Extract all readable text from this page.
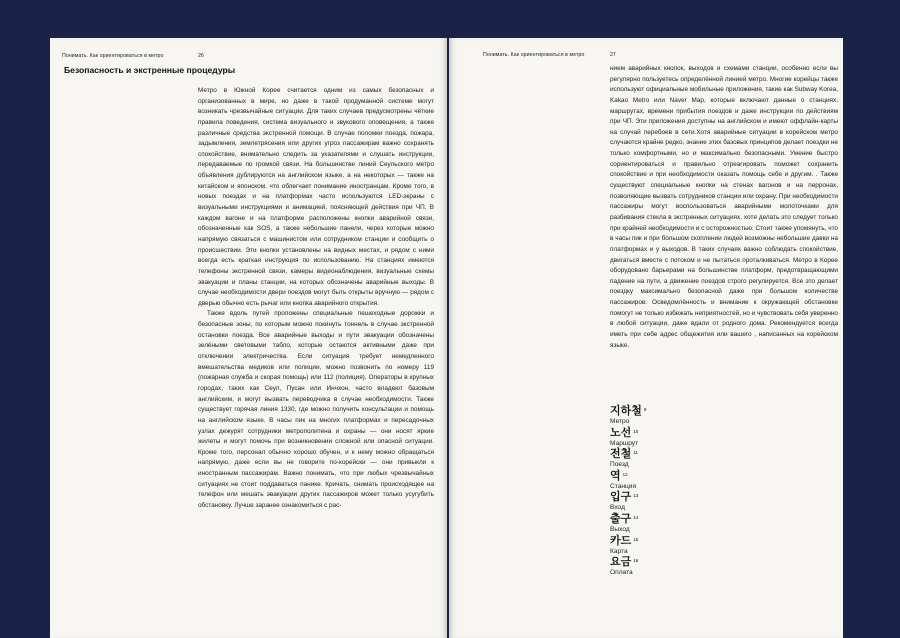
Понимать. Как ориентироваться в метро	26
Безопасность и экстренные процедуры

Метро в Южной Корее считается одним из самых безопасных и организованных в мире, но даже в такой продуманной системе могут возникать чрезвычайные ситуации. Для таких случаев предусмотрены чёткие правила поведения, система визуального и звукового оповещения, а также различные средства экстренной помощи. В случае поломки поезда, пожара, задымления, землетрясения или других угроз пассажирам важно сохранять спокойствие, внимательно следить за указателями и слушать инструкции, передаваемые по громкой связи. На большинстве линий Сеульского метро объявления дублируются на английском языке, а на некоторых — также на китайском и японском, что облегчает понимание иностранцам. Кроме того, в новых поездах и на платформах часто используются LED-экраны с визуальными инструкциями и анимацией, поясняющей действия при ЧП. В каждом вагоне и на платформе расположены кнопки аварийной связи, обозначенные как SOS, а также небольшие панели, через которые можно напрямую связаться с машинистом или сотрудником станции и сообщить о происшествии. Эти кнопки установлены на видных местах, и рядом с ними всегда есть краткая инструкция по использованию. На станциях имеются телефоны экстренной связи, камеры видеонаблюдения, визуальные схемы эвакуации и планы станции, на которых обозначены аварийные выходы. В случае необходимости двери поездов могут быть открыты вручную — рядом с дверью обычно есть рычаг или кнопка аварийного открытия.

Также вдоль путей проложены специальные пешеходные дорожки и безопасные зоны, по которым можно покинуть тоннель в случае экстренной остановки поезда. Все аварийные выходы и пути эвакуации обозначены зелёными световыми табло, которые остаются активными даже при отключении электричества. Если ситуация требует немедленного вмешательства медиков или полиции, можно позвонить по номеру 119 (пожарная служба и скорая помощь) или 112 (полиция). Операторы в крупных городах, таких как Сеул, Пусан или Инчхон, часто владеют базовым английским, и могут вызвать переводчика в случае необходимости. Также существует горячая линия 1330, где можно получить консультации и помощь на английском языке. В часы пик на многих платформах и пересадочных узлах дежурят сотрудники метрополитена и охраны — они носят яркие жилеты и могут помочь при возникновении сложной или опасной ситуации. Кроме того, персонал обычно хорошо обучен, и к нему можно обращаться напрямую, даже если вы не говорите по-корейски — они привыкли к иностранным пассажирам. Важно понимать, что при любых чрезвычайных ситуациях не стоит поддаваться панике. Кричать, снимать происходящее на телефон или мешать эвакуации других пассажиров может только усугубить обстановку. Лучше заранее ознакомиться с рас-

Понимать. Как ориентироваться в метро	27

нием аварийных кнопок, выходов и схемами станции, особенно если вы регулярно пользуетесь определённой линией метро. Многие корейцы также используют официальные мобильные приложения, такие как Subway Korea, Kakao Metro или Naver Map, которые включают данные о станциях, маршрутах, времени прибытия поездов и даже инструкции по действиям при ЧП. Эти приложения доступны на английском и имеют оффлайн-карты на случай перебоев в сети.Хотя аварийные ситуации в корейском метро случаются крайне редко, знание этих базовых принципов делает поездки не только комфортными, но и максимально безопасными. Умение быстро сориентироваться и правильно отреагировать поможет сохранить спокойствие и при необходимости оказать помощь себе и другим. . Также существуют специальные кнопки на стенах вагонов и на перронах, позволяющие вызвать сотрудников станции или охрану. При необходимости пассажиры могут воспользоваться аварийными молоточками для разбивания стекла в экстренных ситуациях, хотя делать это следует только при крайней необходимости и с осторожностью. Стоит также упомянуть, что в часы пик и при большом скоплении людей возможны небольшие давки на платформах и у выходов. В таких случаях важно соблюдать спокойствие, двигаться вместе с потоком и не пытаться проталкиваться. Метро в Корее оборудовано барьерами на большинстве платформ, предотвращающими падение на пути, а движение поездов строго регулируется. Все это делает поездку максимально безопасной даже при большом количестве пассажиров. Осведомлённость и внимание к окружающей обстановке помогут не только избежать неприятностей, но и чувствовать себя уверенно в любой ситуации, даже вдали от родного дома. Рекомендуется всегда иметь при себе адрес общежития или вашего , написанных на корейском языке.

지하철 $^9$
Метро
노선 $^{10}$
Маршрут
전철 $^{11}$
Поезд
역 $^{12}$
Станция
입구 $^{13}$
Вход
출구 $^{14}$
Выход
카드 $^{15}$
Карта
요금 $^{16}$
Оплата
